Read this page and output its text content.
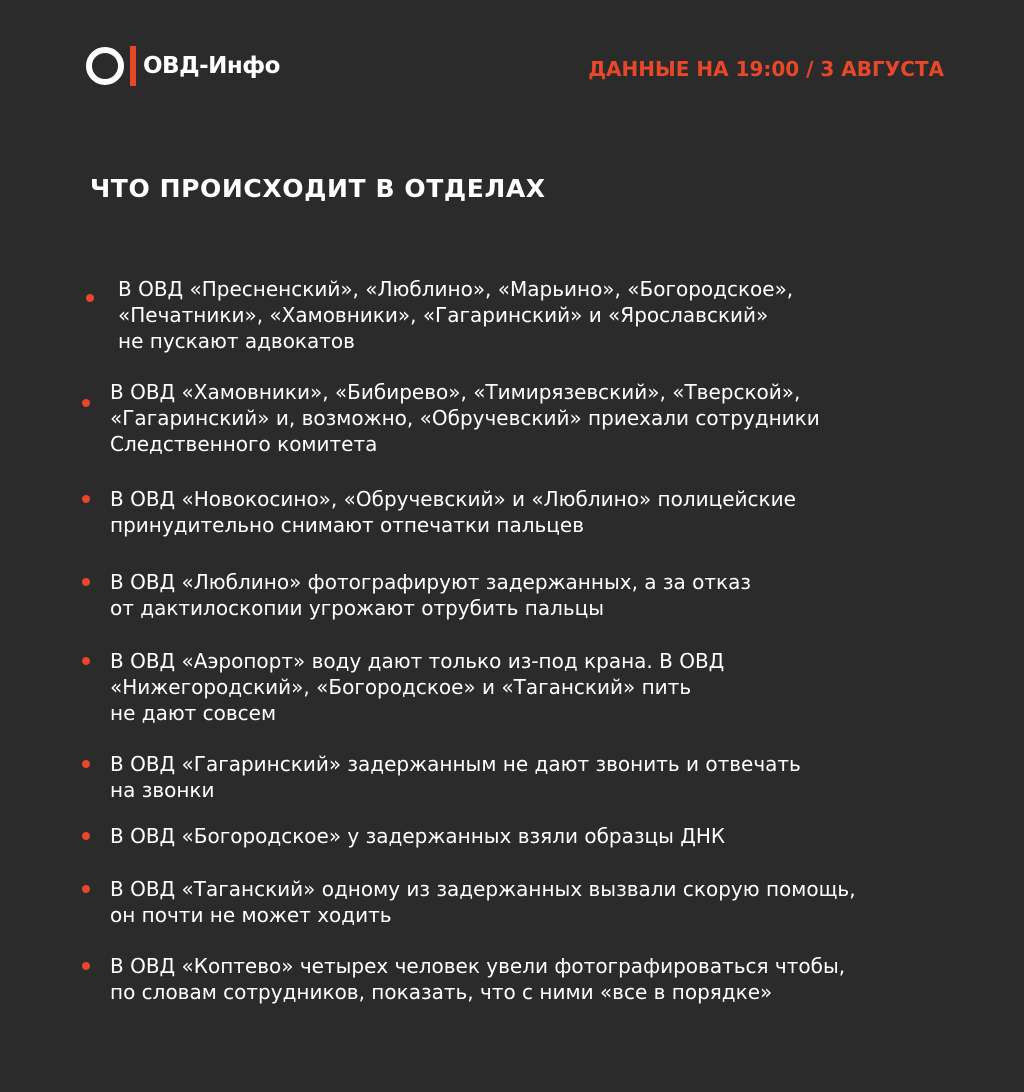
ОВД-Инфо	ДАННЫЕ НА 19:00 / 3 АВГУСТА
ЧТО ПРОИСХОДИТ В ОТДЕЛАХ
В ОВД «Пресненский», «Люблино», «Марьино», «Богородское»,
«Печатники», «Хамовники», «Гагаринский» и «Ярославский»
не пускают адвокатов
В ОВД «Хамовники», «Бибирево», «Тимирязевский», «Тверской»,
«Гагаринский» и, возможно, «Обручевский» приехали сотрудники
Следственного комитета
В ОВД «Новокосино», «Обручевский» и «Люблино» полицейские
принудительно снимают отпечатки пальцев
В ОВД «Люблино» фотографируют задержанных, а за отказ
от дактилоскопии угрожают отрубить пальцы
В ОВД «Аэропорт» воду дают только из-под крана. В ОВД
«Нижегородский», «Богородское» и «Таганский» пить
не дают совсем
В ОВД «Гагаринский» задержанным не дают звонить и отвечать
на звонки
В ОВД «Богородское» у задержанных взяли образцы ДНК
В ОВД «Таганский» одному из задержанных вызвали скорую помощь,
он почти не может ходить
В ОВД «Коптево» четырех человек увели фотографироваться чтобы,
по словам сотрудников, показать, что с ними «все в порядке»
